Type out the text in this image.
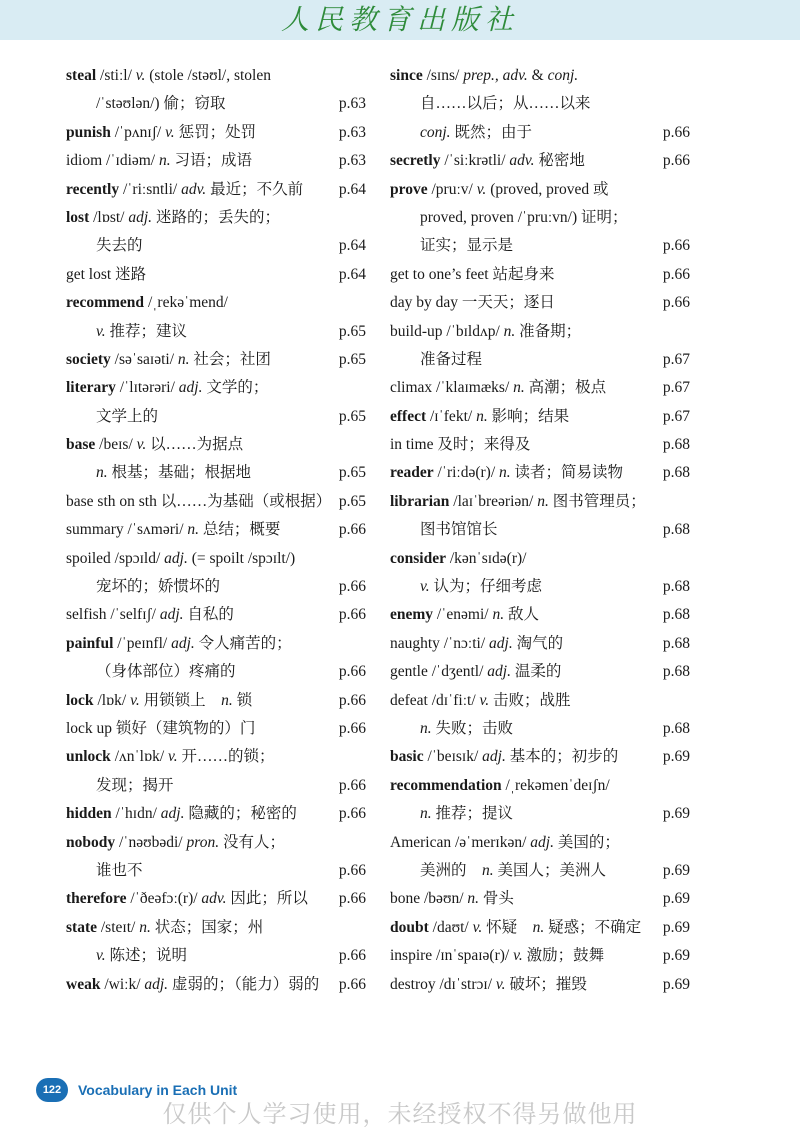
人民教育出版社
steal /stiːl/ v. (stole /stəʊl/, stolen
/ˈstəʊlən/) 偷；窃取	p.63
punish /ˈpʌnɪʃ/ v. 惩罚；处罚	p.63
idiom /ˈɪdiəm/ n. 习语；成语	p.63
recently /ˈriːsntli/ adv. 最近；不久前 p.64
lost /lɒst/ adj. 迷路的；丢失的；
失去的	p.64
get lost 迷路	p.64
recommend /ˌrekəˈmend/
v. 推荐；建议	p.65
society /səˈsaɪəti/ n. 社会；社团	p.65
literary /ˈlɪtərəri/ adj. 文学的；
文学上的	p.65
base /beɪs/ v. 以……为据点
n. 根基；基础；根据地	p.65
base sth on sth 以……为基础（或根据） p.65
summary /ˈsʌməri/ n. 总结；概要	p.66
spoiled /spɔɪld/ adj. (= spoilt /spɔɪlt/)
宠坏的；娇惯坏的	p.66
selfish /ˈselfɪʃ/ adj. 自私的	p.66
painful /ˈpeɪnfl/ adj. 令人痛苦的；
（身体部位）疼痛的	p.66
lock /lɒk/ v. 用锁锁上　n. 锁	p.66
lock up 锁好（建筑物的）门	p.66
unlock /ʌnˈlɒk/ v. 开……的锁；
发现；揭开	p.66
hidden /ˈhɪdn/ adj. 隐藏的；秘密的	p.66
nobody /ˈnəʊbədi/ pron. 没有人；
谁也不	p.66
therefore /ˈðeəfɔː(r)/ adv. 因此；所以 p.66
state /steɪt/ n. 状态；国家；州
v. 陈述；说明	p.66
weak /wiːk/ adj. 虚弱的；（能力）弱的 p.66
since /sɪns/ prep., adv. & conj.
自……以后；从……以来
conj. 既然；由于	p.66
secretly /ˈsiːkrətli/ adv. 秘密地	p.66
prove /pruːv/ v. (proved, proved 或
proved, proven /ˈpruːvn/) 证明；
证实；显示是	p.66
get to one’s feet 站起身来	p.66
day by day 一天天；逐日	p.66
build-up /ˈbɪldʌp/ n. 准备期；
准备过程	p.67
climax /ˈklaɪmæks/ n. 高潮；极点	p.67
effect /ɪˈfekt/ n. 影响；结果	p.67
in time 及时；来得及	p.68
reader /ˈriːdə(r)/ n. 读者；简易读物	p.68
librarian /laɪˈbreəriən/ n. 图书管理员；
图书馆馆长	p.68
consider /kənˈsɪdə(r)/
v. 认为；仔细考虑	p.68
enemy /ˈenəmi/ n. 敌人	p.68
naughty /ˈnɔːti/ adj. 淘气的	p.68
gentle /ˈdʒentl/ adj. 温柔的	p.68
defeat /dɪˈfiːt/ v. 击败；战胜
n. 失败；击败	p.68
basic /ˈbeɪsɪk/ adj. 基本的；初步的	p.69
recommendation /ˌrekəmenˈdeɪʃn/
n. 推荐；提议	p.69
American /əˈmerɪkən/ adj. 美国的；
美洲的　n. 美国人；美洲人	p.69
bone /bəʊn/ n. 骨头	p.69
doubt /daʊt/ v. 怀疑　n. 疑惑；不确定 p.69
inspire /ɪnˈspaɪə(r)/ v. 激励；鼓舞	p.69
destroy /dɪˈstrɔɪ/ v. 破坏；摧毁	p.69
122	Vocabulary in Each Unit
仅供个人学习使用，未经授权不得另做他用
